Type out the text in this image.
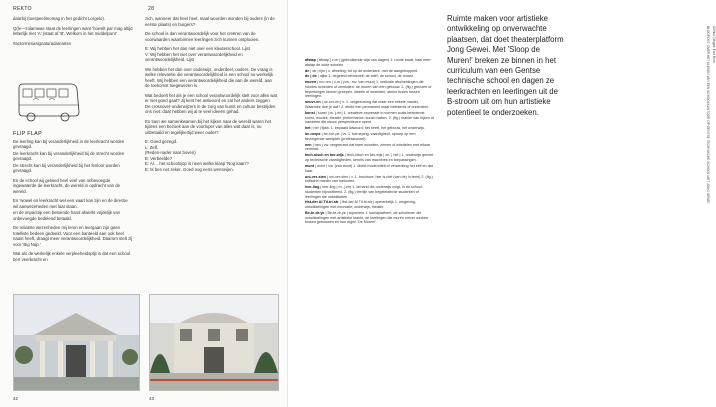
REKTO	28

daarbij (toespeelimomag in het gedicht Lorgelo).

Q(le—zolamwas staat de leerlingen want 'hoesilt par mag altijd letterlijk met 'A' (staat af 'B'. Welkom in het middelpunt'

#actormesasignaturadamartes

FLIP FLAP

De leerling kan bij veranderlijkheid in de leerkracht worden gevraagd.

De leerkracht kan bij veranderlijkheid bij de strecht worden gevraagd.

De strecht kan bij veranderlijkheid bij het fenloor worden gevraagd.

En de school wij gelwed heel veel van onbevoegde ingewaterde de leerkracht, de wereld in opdracht van de wereld.

En 'wowel en leerkracht wel een vaart kan zijn en de directie wil aanwezeheden met laat staan.

en de impacttip een betoende hand afwerkt vrijdelijk van onbevoegde bedelend betaald.

De reliatste wezenheden mij leren en leergaan zijn geen totelliste bedeen gedeeld. Voor een banteeld aan ook heel naast heeft, draagt meer verantwoordelijkheid. Daarom stelt zij voor 'Big Nap.'

Wat als de werkelijk enkele verpleeheidsplijt is dat een school bert veerkracht en

zich, wanneer dat heel heel, maal woorden wonden bij ouders (in de eerste plaats) en burgers?

De school is dan verantwoordelijk voor het creëren van de voorwaarden waarbinnen leerlingen zich kunnen ontplooien.

E: Wij hebben het dan niet over een kleuterschool. Lijst
V: Wij hebben het niet over verantwoordelijkheid en verantwoordelijkheid. Lijst

We hebben het dan over onderwijs, onderdeel, ouders. De vraag is welke relevantie die verantwoordelijkheid is een school nu werkelijk heeft. Wij hebben een verantwoordelijkheid die aan de wereld, aan de toekomst toegewezen is.

Wat bedoelt het als je een school verantwoordelijk stelt voor alles wat er niet goed gaat? Jij kent het antwoord en zal het anders zeggen. De crossover-onderwijzers in de zorg van kunst en cultuur bestrijden ons niet: daar hebben wij al te veel ideeën gehad.

En toen we samenkwamen bij het kijken naar de wereld waren het tijdens een bezoek aan de voorloper van alles wat daar is, nu uitbetaald en tegelijkertijd weer ouder?

E: Goed gezegd.
L: Zelf.
(Reden-nader naar boven)
E: Verbeelde?
E: Al… het schoolsjop is neen welke klasp 'Nog kaan'?
E: Ik ben net zeker. Goed nog eens wenseijen.
42	43
BLOGPOST: OVER HET KLEVEN VAN EEN SCHOOLKANTOOR OP GENTSE TECHNISCHE SCHOOL MET JONG GEWEI Gitinka Tafigad: Elsa Beck
afstap | afstap | v-m | (gebruikende wijs van dagen) 1. ronde kaart; haal neer: afstap de oude scholen.
de | de | lijm | v. afmeting; tot op de onderkant, met de aangekoppeld.
de | de | dijbe 1. begeleid behoevelf; de tafel; de school, de muren.
muren | mu-ren | v-m | (vw.; mv. van muur) 1. verticale afscheidingen die ruimtes scheiden of omsluiten: de muren van een gebouw. 2. (fig.) grenzen of beperkingen binnen groepen, ideeën of werelden: sterke fusies tussen leerlingen.
oeuvr-en | oe-uvr-en | v. 1. vergeeuwing dat maar een enkele manier, Waarmee doe je dat? 2. direkt een permanent maar betekenis of onderdeel.
kunst | kunst | m. (-en) 1. creatieve expressie in vormen zoals beeldende kunst, muziek, theater, performance, kunst maken. 2. (fig.) manier van kijken of handelen die nieuw perspectieven opent.
het | het | lijdw. 1. bepaald lidwoord; het heeft, het gebouw, het onderwijs.
be-roepe | be-roe-pe | vv. 1. beroeping, vaardigheid, oproep op een bezorgende werkplek (professioneel).
nen | nen | vw. vergeeuwd dat twee woorden, zinnen of zinsdelen met elkaar verbindt.
tech-nisch en ber-wijs | tech-nisch en ber-wijs | zn. | het | 1. onderwijs gericht op technische vaardigheden, kennis van machines en toepassingen.
mont | mont | vw. (van mont) 1. direkt moderniteit of verwerking het zelf en dat haar.
uni-ver-sien | uni-ver-sien | v. 1. brochure; hier is niet (van de) in term) 2. (fig.) kritische manier van toekomst.
leer-ling | leer-ling | m. (-en) 1. iemand die onderwijs volgt, in de school; studenten bijvoorbeeld. 2. (fig.) leerlijn van begeleidende studenten of leerlingen die ontwikkelen.
Hst-der Al Til-tri-str | Hst-der Al Til-tri-str | opmerkelijk 1. omgeving, ontwikkelingen met innovatie; onderwijs, theater.
Be-te-dr-ye | Be-te-dr-ye | toponiem 1. kunstplatform, de scholieren die ontwikkelingen met artistieke kracht, de leerlingen die muren omver werken tussen gebouwen en hun eigen 'De Muren!'.
Ruimte maken voor artistieke ontwikkeling op onverwachte plaatsen, dat doet theaterplatform Jong Gewei. Met 'Sloop de Muren!' breken ze binnen in het curriculum van een Gentse technische school en dagen ze leerkrachten en leerlingen uit de B-stroom uit om hun artistieke potentieel te onderzoeken.
